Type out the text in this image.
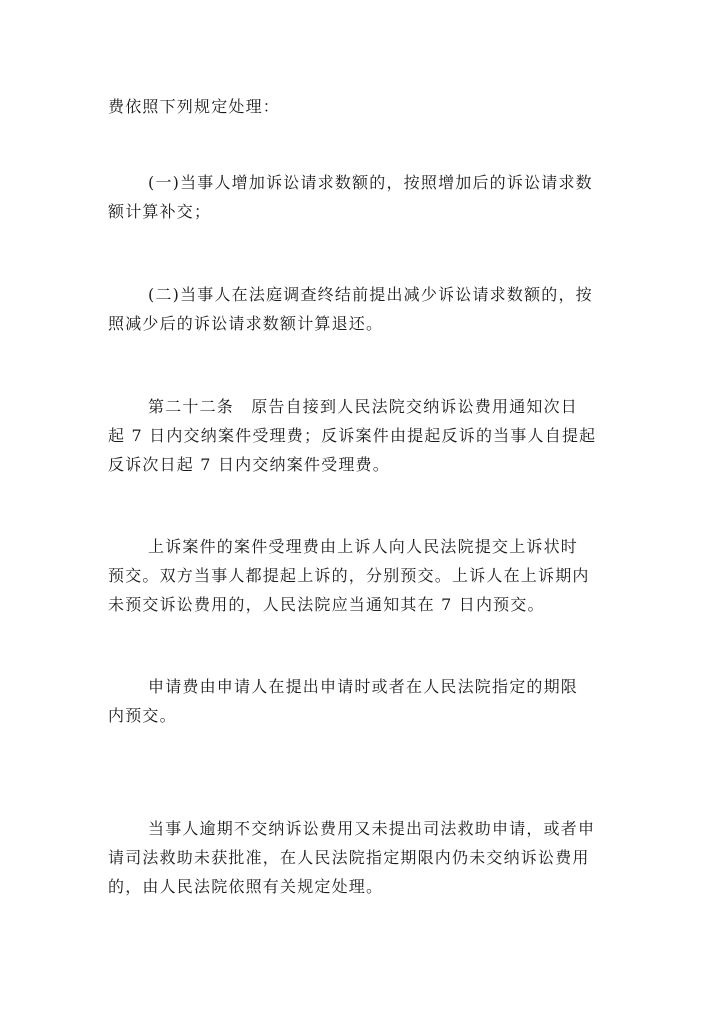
费依照下列规定处理：

(一)当事人增加诉讼请求数额的，按照增加后的诉讼请求数
额计算补交；

(二)当事人在法庭调查终结前提出减少诉讼请求数额的，按
照减少后的诉讼请求数额计算退还。

第二十二条　原告自接到人民法院交纳诉讼费用通知次日
起 7 日内交纳案件受理费；反诉案件由提起反诉的当事人自提起
反诉次日起 7 日内交纳案件受理费。

上诉案件的案件受理费由上诉人向人民法院提交上诉状时
预交。双方当事人都提起上诉的，分别预交。上诉人在上诉期内
未预交诉讼费用的，人民法院应当通知其在 7 日内预交。

申请费由申请人在提出申请时或者在人民法院指定的期限
内预交。

当事人逾期不交纳诉讼费用又未提出司法救助申请，或者申
请司法救助未获批准，在人民法院指定期限内仍未交纳诉讼费用
的，由人民法院依照有关规定处理。
